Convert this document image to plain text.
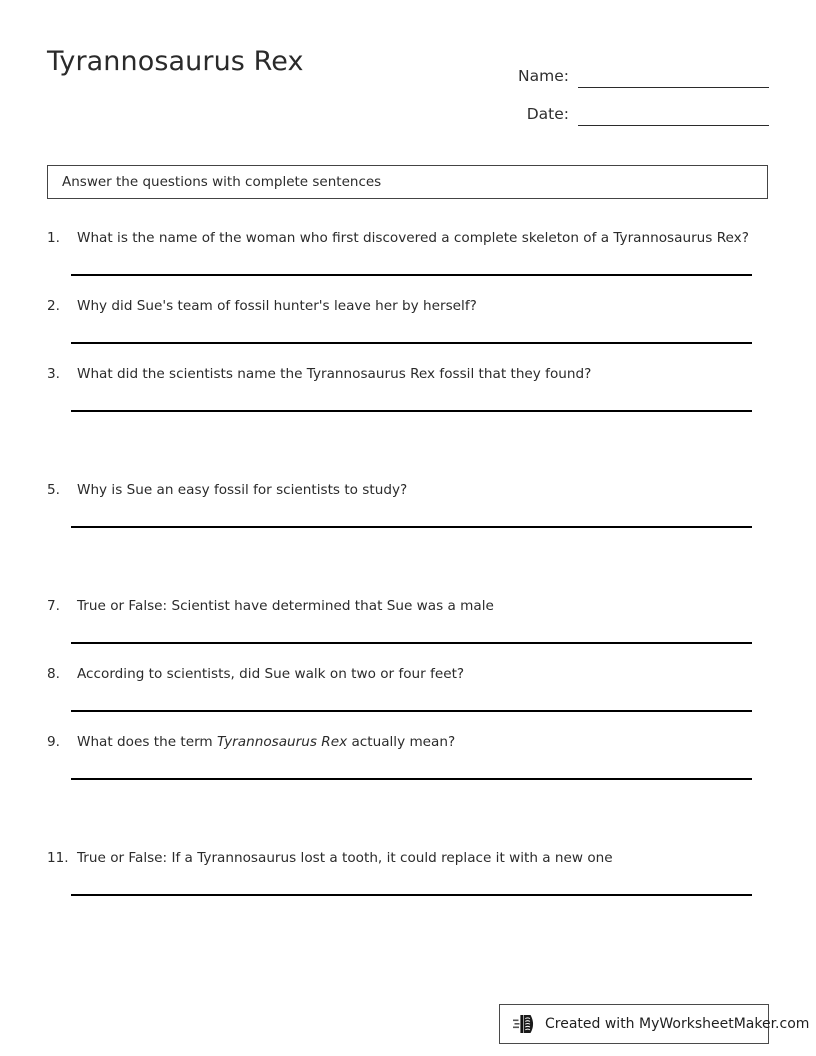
Tyrannosaurus Rex	Name:
Date:
Answer the questions with complete sentences
1.	What is the name of the woman who first discovered a complete skeleton of a Tyrannosaurus Rex?
2.	Why did Sue's team of fossil hunter's leave her by herself?
3.	What did the scientists name the Tyrannosaurus Rex fossil that they found?
5.	Why is Sue an easy fossil for scientists to study?
7.	True or False: Scientist have determined that Sue was a male
8.	According to scientists, did Sue walk on two or four feet?
9.	What does the term Tyrannosaurus Rex actually mean?
11. True or False: If a Tyrannosaurus lost a tooth, it could replace it with a new one
Created with MyWorksheetMaker.com
